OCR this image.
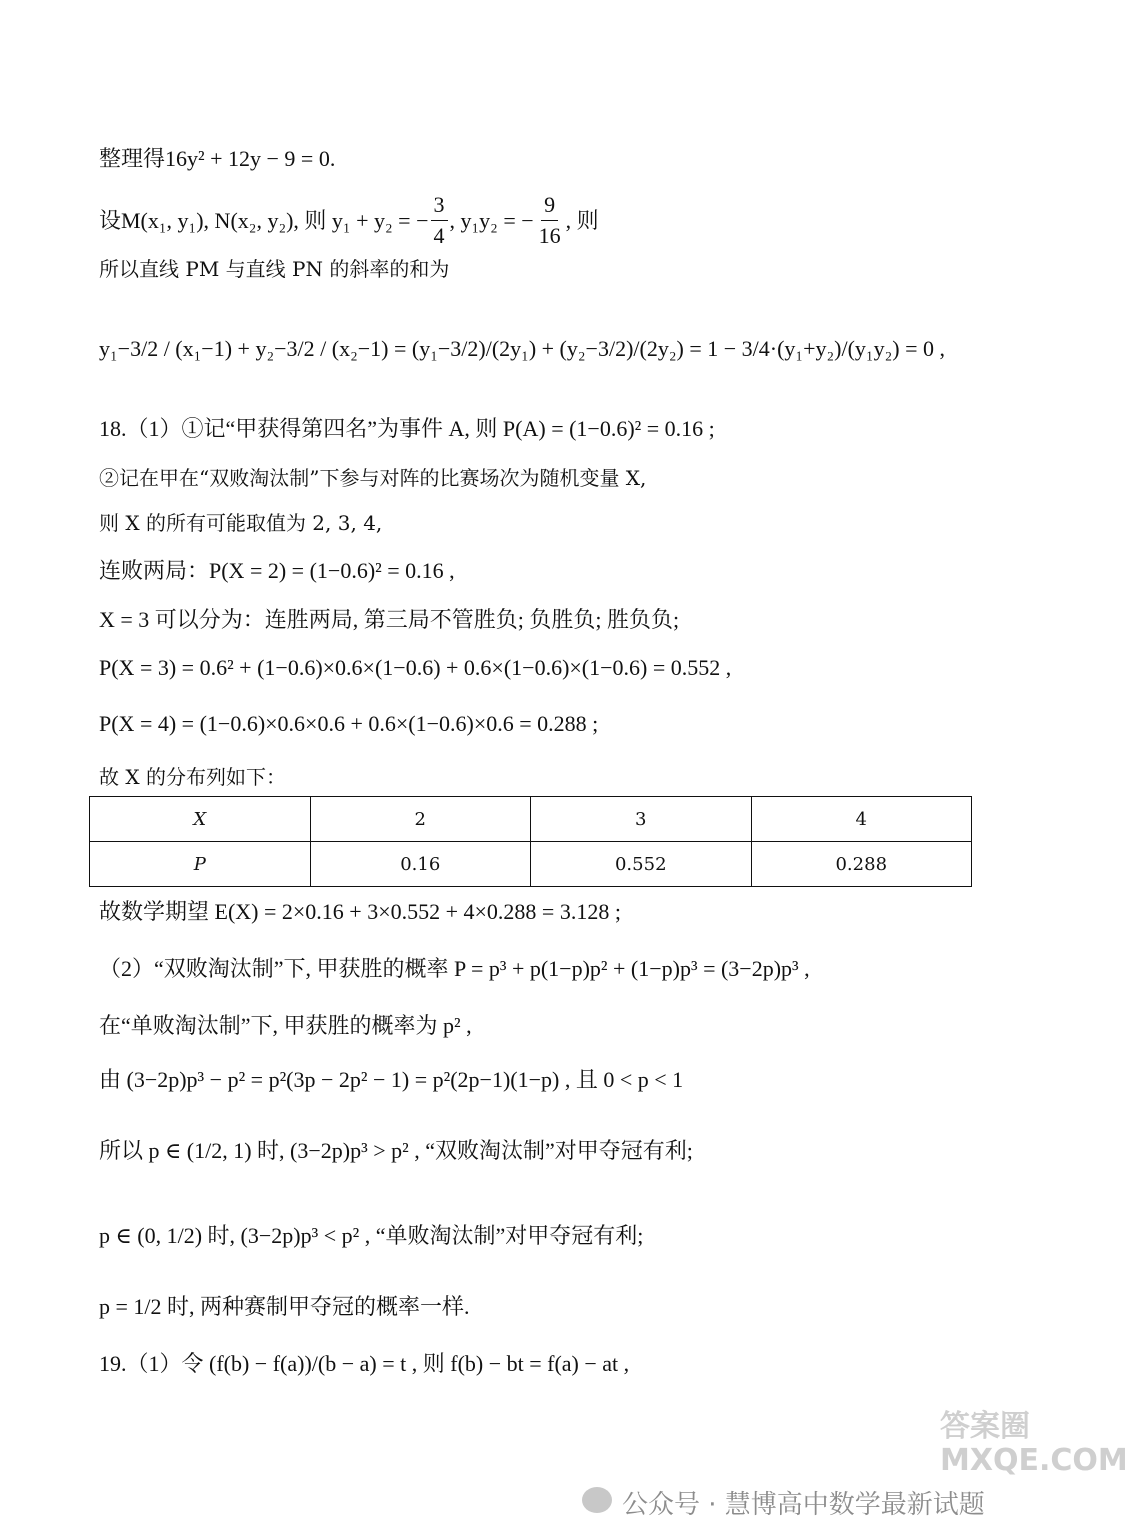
整理得16y² + 12y − 9 = 0.
设M(x₁, y₁), N(x₂, y₂), 则 y₁ + y₂ = − $\frac{3}{4}$ , y₁y₂ = − $\frac{9}{16}$ , 则
所以直线 PM 与直线 PN 的斜率的和为
y₁−3/2 / (x₁−1) + y₂−3/2 / (x₂−1) = (y₁−3/2)/(2y₁) + (y₂−3/2)/(2y₂) = 1 − 3/4·(y₁+y₂)/(y₁y₂) = 0 ,
18.（1）①记“甲获得第四名”为事件 A, 则 P(A) = (1−0.6)² = 0.16 ;
②记在甲在“双败淘汰制”下参与对阵的比赛场次为随机变量 X,
则 X 的所有可能取值为 2, 3, 4,
连败两局：P(X = 2) = (1−0.6)² = 0.16 ,
X = 3 可以分为：连胜两局, 第三局不管胜负; 负胜负; 胜负负;
P(X = 3) = 0.6² + (1−0.6)×0.6×(1−0.6) + 0.6×(1−0.6)×(1−0.6) = 0.552 ,
P(X = 4) = (1−0.6)×0.6×0.6 + 0.6×(1−0.6)×0.6 = 0.288 ;
故 X 的分布列如下：
X	2	3	4
P	0.16	0.552	0.288
故数学期望 E(X) = 2×0.16 + 3×0.552 + 4×0.288 = 3.128 ;
（2）“双败淘汰制”下, 甲获胜的概率 P = p³ + p(1−p)p² + (1−p)p³ = (3−2p)p³ ,
在“单败淘汰制”下, 甲获胜的概率为 p² ,
由 (3−2p)p³ − p² = p²(3p − 2p² − 1) = p²(2p−1)(1−p) , 且 0 < p < 1
所以 p ∈ (1/2, 1) 时, (3−2p)p³ > p² , “双败淘汰制”对甲夺冠有利;
p ∈ (0, 1/2) 时, (3−2p)p³ < p² , “单败淘汰制”对甲夺冠有利;
p = 1/2 时, 两种赛制甲夺冠的概率一样.
19.（1）令 (f(b) − f(a))/(b − a) = t , 则 f(b) − bt = f(a) − at ,
公众号 · 慧博高中数学最新试题
答案圈 MXQE.COM
